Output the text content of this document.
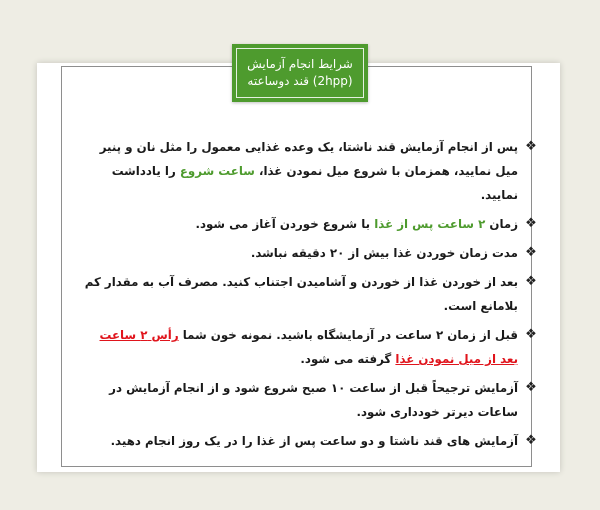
شرایط انجام آزمایش
قند دوساعته (2hpp)
❖
پس از انجام آزمایش قند ناشتا، یک وعده غذایی معمول را مثل نان و پنیر میل نمایید، همزمان با شروع میل نمودن غذا، ساعت شروع را یادداشت نمایید.
❖
زمان ۲ ساعت پس از غذا با شروع خوردن آغاز می شود.
❖
مدت زمان خوردن غذا بیش از ۲۰ دقیقه نباشد.
❖
بعد از خوردن غذا از خوردن و آشامیدن اجتناب کنید. مصرف آب به مقدار کم بلامانع است.
❖
قبل از زمان ۲ ساعت در آزمایشگاه باشید. نمونه خون شما رأس ۲ ساعت بعد از میل نمودن غذا گرفته می شود.
❖
آزمایش ترجیحاً قبل از ساعت ۱۰ صبح شروع شود و از انجام آزمایش در ساعات دیرتر خودداری شود.
❖
آزمایش های قند ناشتا و دو ساعت پس از غذا را در یک روز انجام دهید.
